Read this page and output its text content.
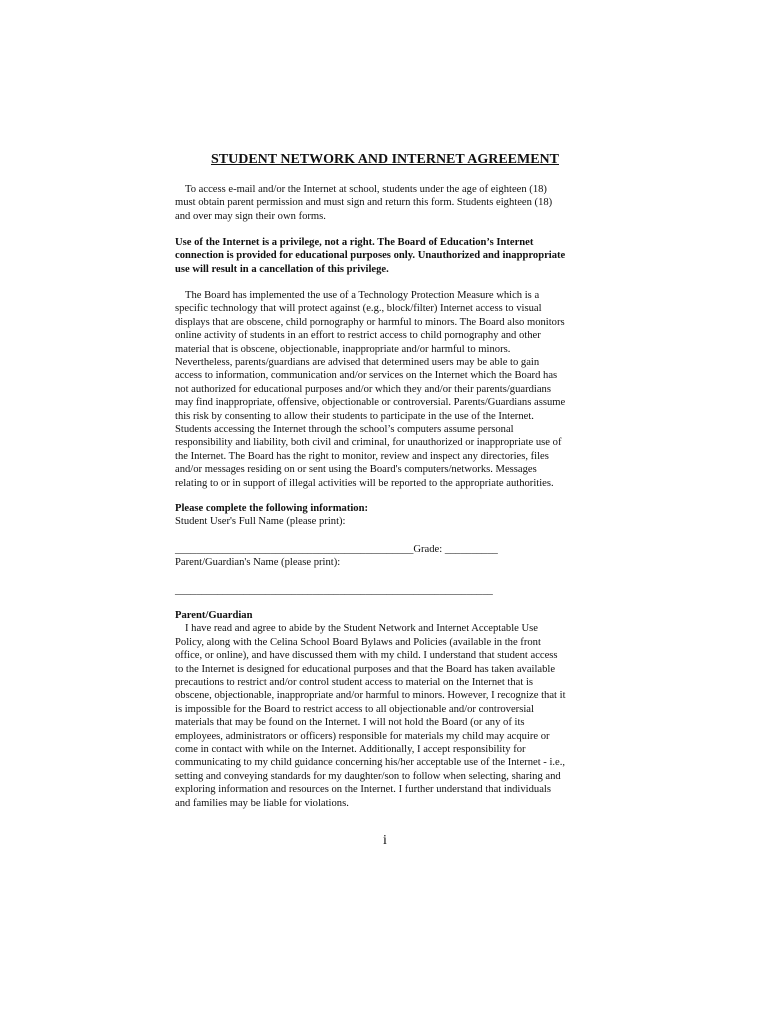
STUDENT NETWORK AND INTERNET AGREEMENT
To access e-mail and/or the Internet at school, students under the age of eighteen (18)
must obtain parent permission and must sign and return this form. Students eighteen (18)
and over may sign their own forms.
Use of the Internet is a privilege, not a right. The Board of Education’s Internet
connection is provided for educational purposes only. Unauthorized and inappropriate
use will result in a cancellation of this privilege.
The Board has implemented the use of a Technology Protection Measure which is a
specific technology that will protect against (e.g., block/filter) Internet access to visual
displays that are obscene, child pornography or harmful to minors. The Board also monitors
online activity of students in an effort to restrict access to child pornography and other
material that is obscene, objectionable, inappropriate and/or harmful to minors.
Nevertheless, parents/guardians are advised that determined users may be able to gain
access to information, communication and/or services on the Internet which the Board has
not authorized for educational purposes and/or which they and/or their parents/guardians
may find inappropriate, offensive, objectionable or controversial. Parents/Guardians assume
this risk by consenting to allow their students to participate in the use of the Internet.
Students accessing the Internet through the school’s computers assume personal
responsibility and liability, both civil and criminal, for unauthorized or inappropriate use of
the Internet. The Board has the right to monitor, review and inspect any directories, files
and/or messages residing on or sent using the Board's computers/networks. Messages
relating to or in support of illegal activities will be reported to the appropriate authorities.
Please complete the following information:
Student User's Full Name (please print):
_____________________________________________Grade: __________
Parent/Guardian's Name (please print):
____________________________________________________________
Parent/Guardian
I have read and agree to abide by the Student Network and Internet Acceptable Use
Policy, along with the Celina School Board Bylaws and Policies (available in the front
office, or online), and have discussed them with my child. I understand that student access
to the Internet is designed for educational purposes and that the Board has taken available
precautions to restrict and/or control student access to material on the Internet that is
obscene, objectionable, inappropriate and/or harmful to minors. However, I recognize that it
is impossible for the Board to restrict access to all objectionable and/or controversial
materials that may be found on the Internet. I will not hold the Board (or any of its
employees, administrators or officers) responsible for materials my child may acquire or
come in contact with while on the Internet. Additionally, I accept responsibility for
communicating to my child guidance concerning his/her acceptable use of the Internet - i.e.,
setting and conveying standards for my daughter/son to follow when selecting, sharing and
exploring information and resources on the Internet. I further understand that individuals
and families may be liable for violations.
i
